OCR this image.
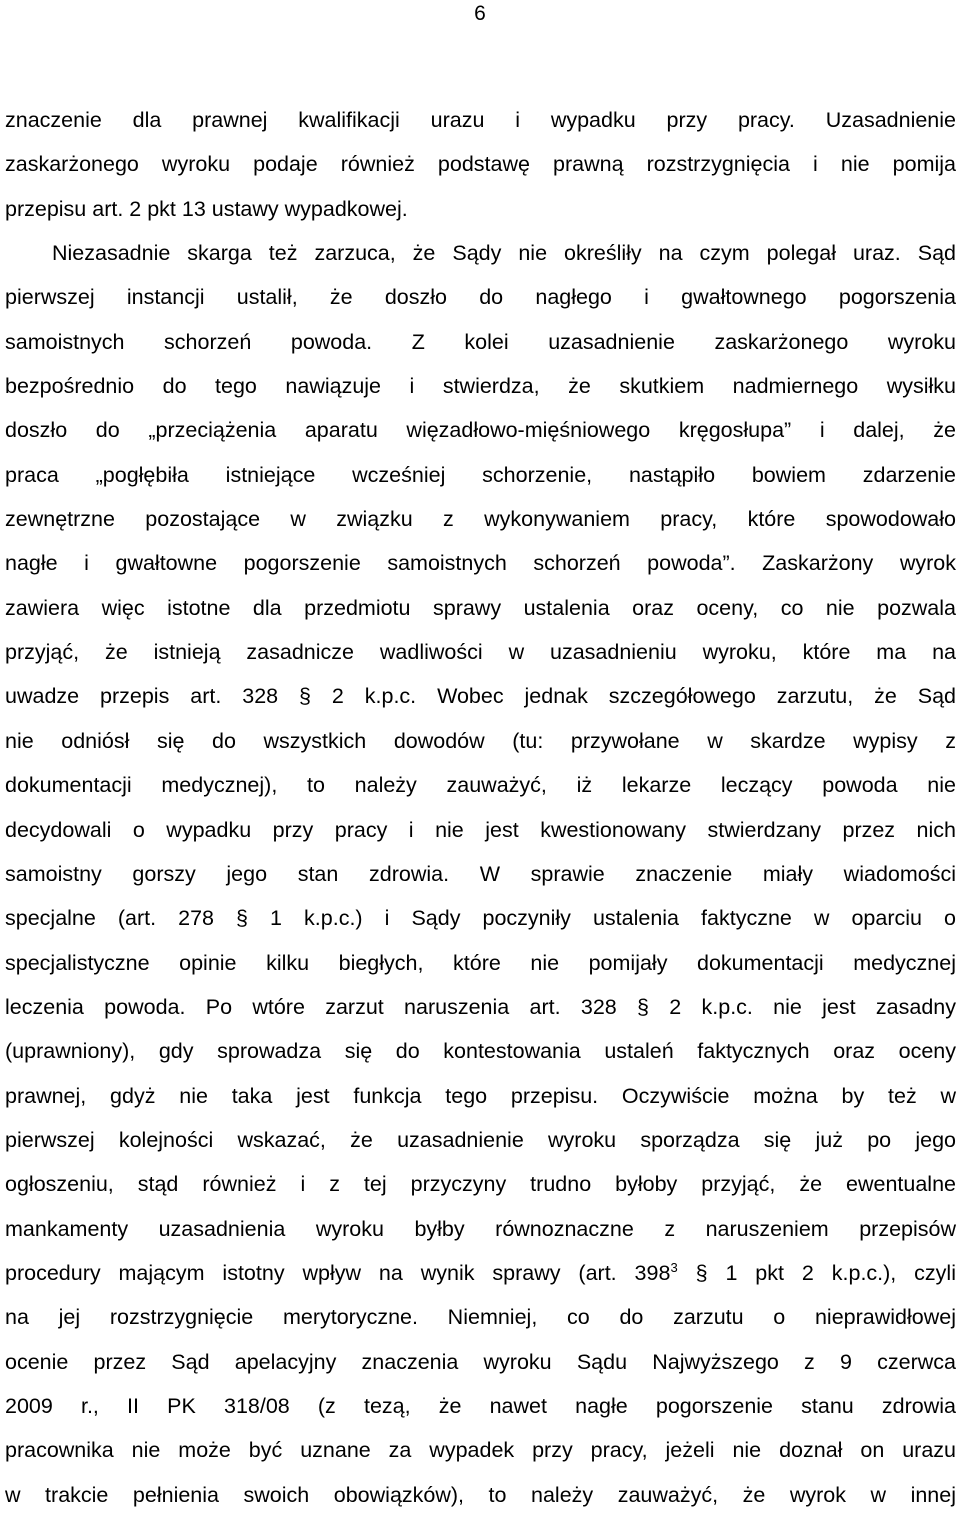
6
znaczenie dla prawnej kwalifikacji urazu i wypadku przy pracy. Uzasadnienie
zaskarżonego wyroku podaje również podstawę prawną rozstrzygnięcia i nie pomija
przepisu art. 2 pkt 13 ustawy wypadkowej.
Niezasadnie skarga też zarzuca, że Sądy nie określiły na czym polegał uraz. Sąd
pierwszej instancji ustalił, że doszło do nagłego i gwałtownego pogorszenia
samoistnych schorzeń powoda. Z kolei uzasadnienie zaskarżonego wyroku
bezpośrednio do tego nawiązuje i stwierdza, że skutkiem nadmiernego wysiłku
doszło do „przeciążenia aparatu więzadłowo-mięśniowego kręgosłupa” i dalej, że
praca „pogłębiła istniejące wcześniej schorzenie, nastąpiło bowiem zdarzenie
zewnętrzne pozostające w związku z wykonywaniem pracy, które spowodowało
nagłe i gwałtowne pogorszenie samoistnych schorzeń powoda”. Zaskarżony wyrok
zawiera więc istotne dla przedmiotu sprawy ustalenia oraz oceny, co nie pozwala
przyjąć, że istnieją zasadnicze wadliwości w uzasadnieniu wyroku, które ma na
uwadze przepis art. 328 § 2 k.p.c. Wobec jednak szczegółowego zarzutu, że Sąd
nie odniósł się do wszystkich dowodów (tu: przywołane w skardze wypisy z
dokumentacji medycznej), to należy zauważyć, iż lekarze leczący powoda nie
decydowali o wypadku przy pracy i nie jest kwestionowany stwierdzany przez nich
samoistny gorszy jego stan zdrowia. W sprawie znaczenie miały wiadomości
specjalne (art. 278 § 1 k.p.c.) i Sądy poczyniły ustalenia faktyczne w oparciu o
specjalistyczne opinie kilku biegłych, które nie pomijały dokumentacji medycznej
leczenia powoda. Po wtóre zarzut naruszenia art. 328 § 2 k.p.c. nie jest zasadny
(uprawniony), gdy sprowadza się do kontestowania ustaleń faktycznych oraz oceny
prawnej, gdyż nie taka jest funkcja tego przepisu. Oczywiście można by też w
pierwszej kolejności wskazać, że uzasadnienie wyroku sporządza się już po jego
ogłoszeniu, stąd również i z tej przyczyny trudno byłoby przyjąć, że ewentualne
mankamenty uzasadnienia wyroku byłby równoznaczne z naruszeniem przepisów
procedury mającym istotny wpływ na wynik sprawy (art. $398^3$ § 1 pkt 2 k.p.c.), czyli
na jej rozstrzygnięcie merytoryczne. Niemniej, co do zarzutu o nieprawidłowej
ocenie przez Sąd apelacyjny znaczenia wyroku Sądu Najwyższego z 9 czerwca
2009 r., II PK 318/08 (z tezą, że nawet nagłe pogorszenie stanu zdrowia
pracownika nie może być uznane za wypadek przy pracy, jeżeli nie doznał on urazu
w trakcie pełnienia swoich obowiązków), to należy zauważyć, że wyrok w innej
